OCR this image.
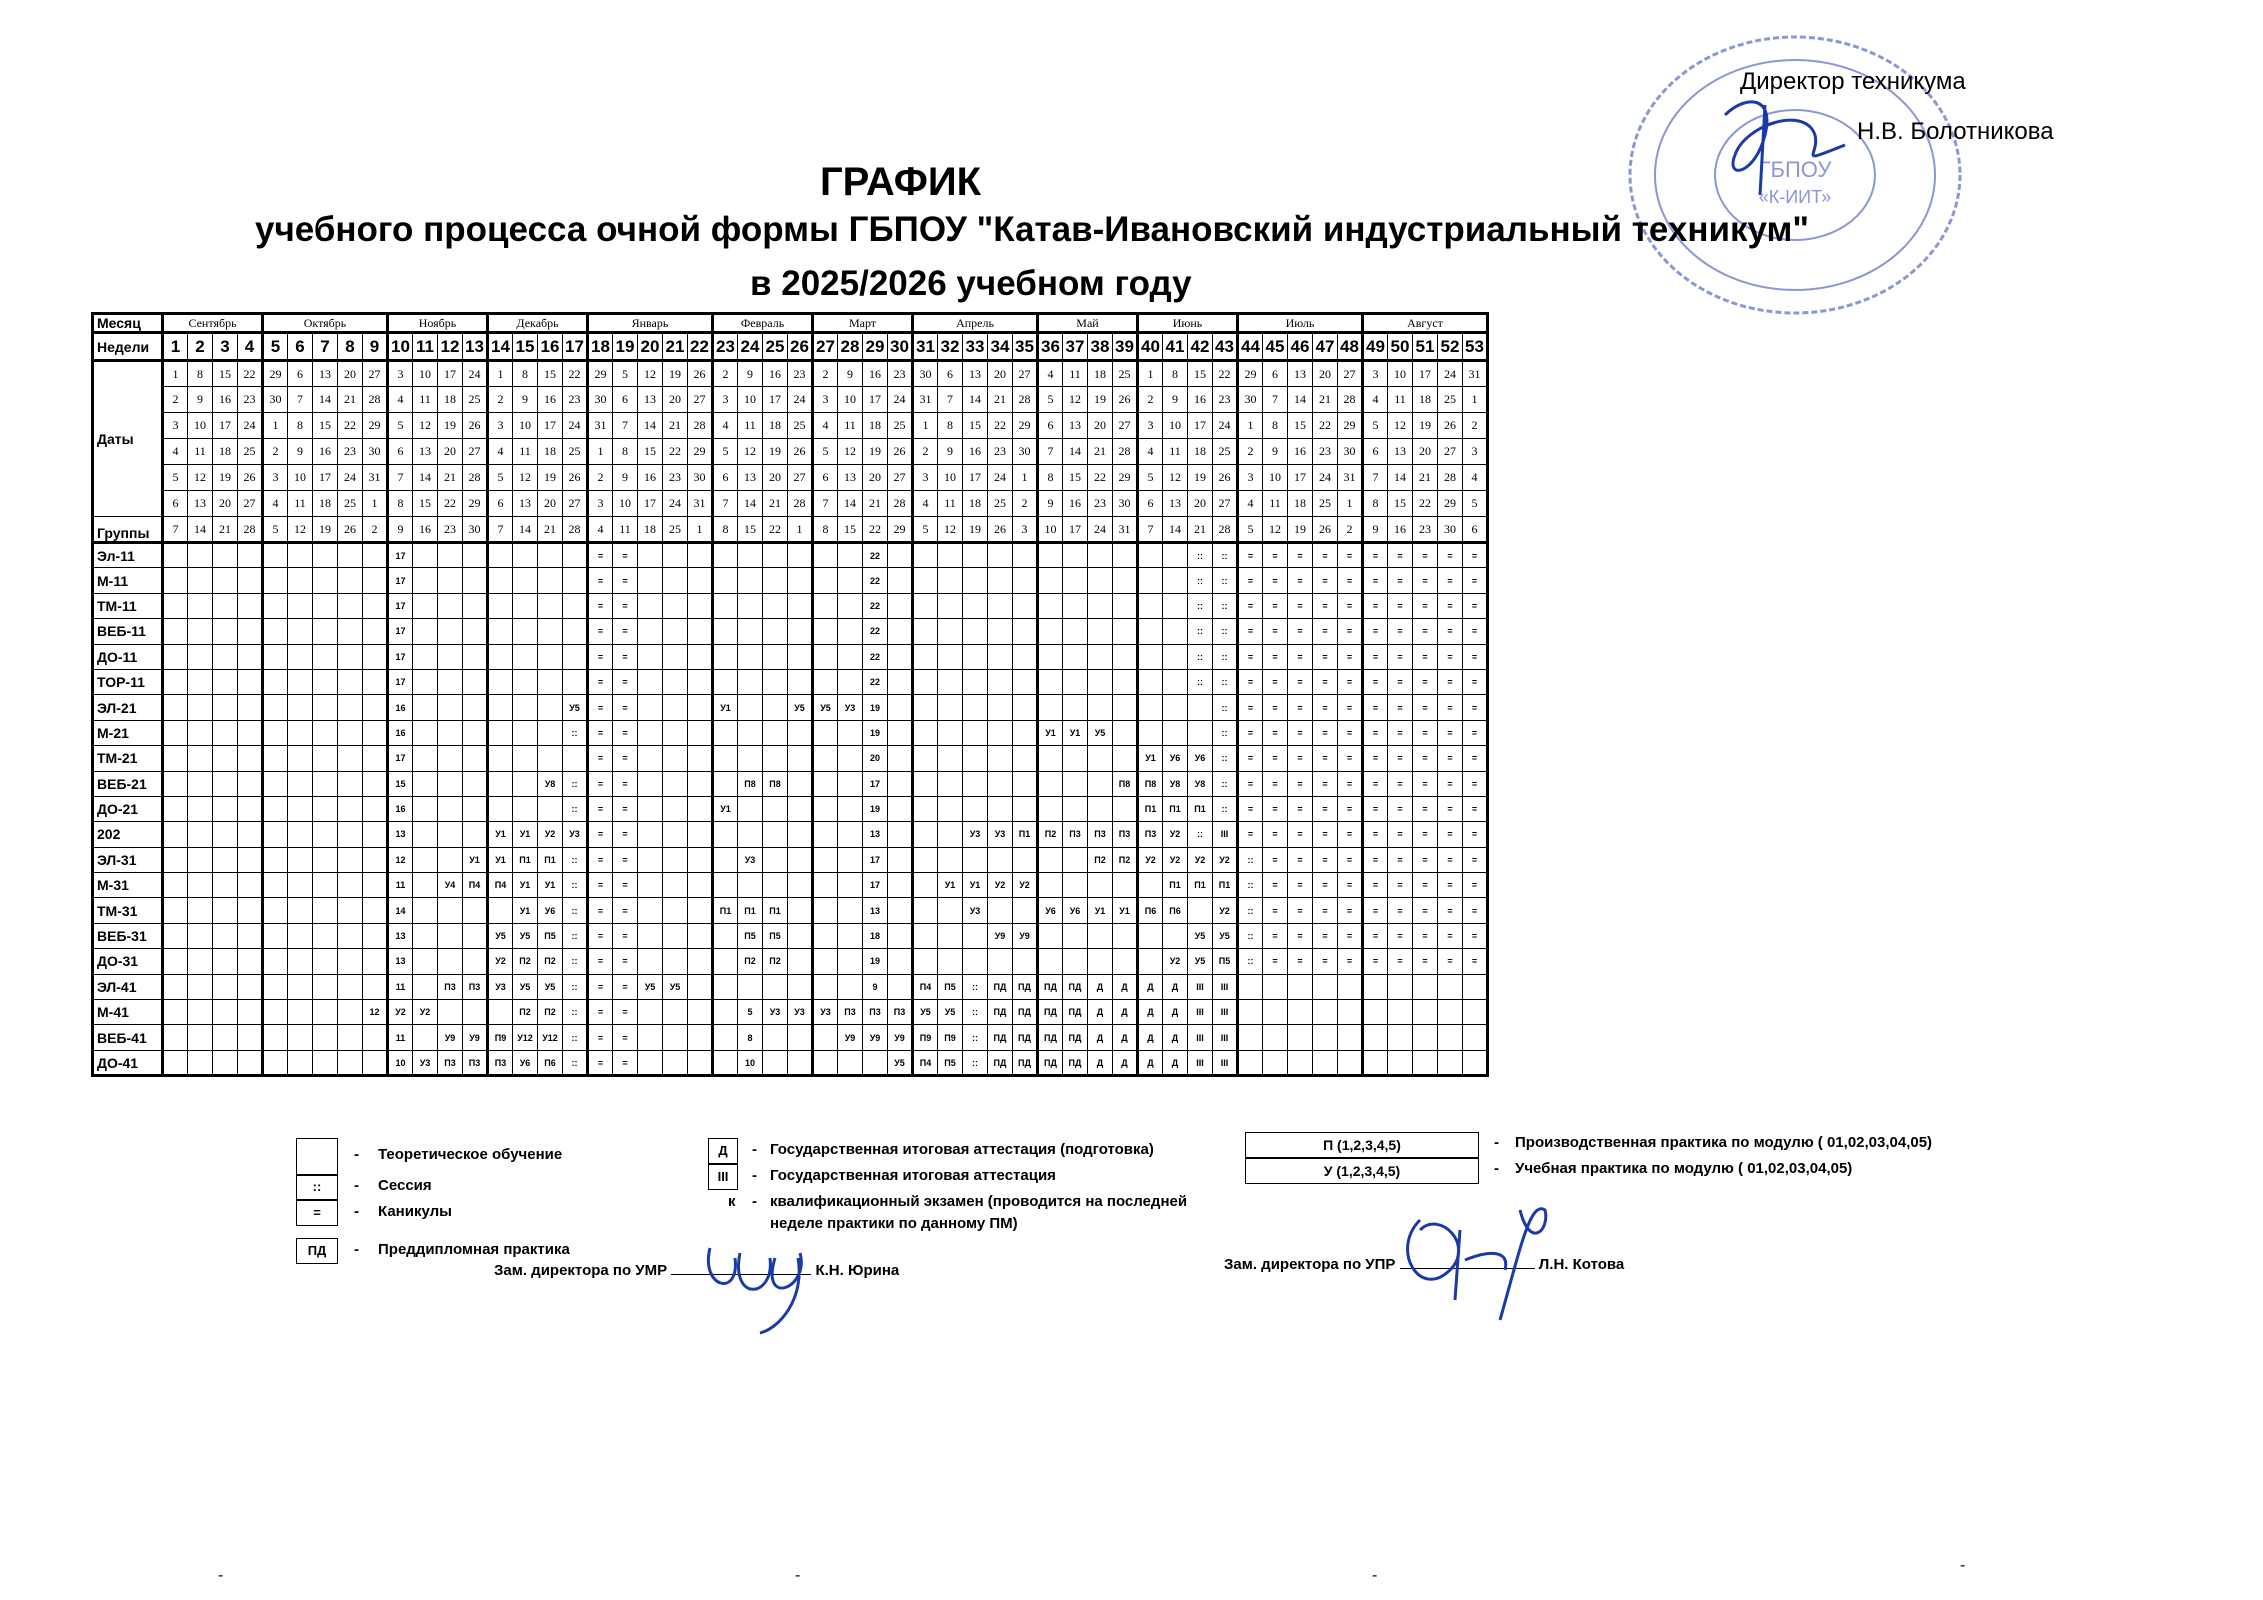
ГБПОУ
«К-ИИТ»
Директор техникума
Н.В. Болотникова
ГРАФИК
учебного процесса очной формы ГБПОУ "Катав-Ивановский индустриальный техникум"
в 2025/2026 учебном году
Месяц	Сентябрь				Октябрь					Ноябрь				Декабрь				Январь					Февраль				Март				Апрель					Май				Июнь				Июль					Август				
Недели	1	2	3	4	5	6	7	8	9	10	11	12	13	14	15	16	17	18	19	20	21	22	23	24	25	26	27	28	29	30	31	32	33	34	35	36	37	38	39	40	41	42	43	44	45	46	47	48	49	50	51	52	53
Даты	1	8	15	22	29	6	13	20	27	3	10	17	24	1	8	15	22	29	5	12	19	26	2	9	16	23	2	9	16	23	30	6	13	20	27	4	11	18	25	1	8	15	22	29	6	13	20	27	3	10	17	24	31
	2	9	16	23	30	7	14	21	28	4	11	18	25	2	9	16	23	30	6	13	20	27	3	10	17	24	3	10	17	24	31	7	14	21	28	5	12	19	26	2	9	16	23	30	7	14	21	28	4	11	18	25	1
	3	10	17	24	1	8	15	22	29	5	12	19	26	3	10	17	24	31	7	14	21	28	4	11	18	25	4	11	18	25	1	8	15	22	29	6	13	20	27	3	10	17	24	1	8	15	22	29	5	12	19	26	2
	4	11	18	25	2	9	16	23	30	6	13	20	27	4	11	18	25	1	8	15	22	29	5	12	19	26	5	12	19	26	2	9	16	23	30	7	14	21	28	4	11	18	25	2	9	16	23	30	6	13	20	27	3
	5	12	19	26	3	10	17	24	31	7	14	21	28	5	12	19	26	2	9	16	23	30	6	13	20	27	6	13	20	27	3	10	17	24	1	8	15	22	29	5	12	19	26	3	10	17	24	31	7	14	21	28	4
	6	13	20	27	4	11	18	25	1	8	15	22	29	6	13	20	27	3	10	17	24	31	7	14	21	28	7	14	21	28	4	11	18	25	2	9	16	23	30	6	13	20	27	4	11	18	25	1	8	15	22	29	5
Группы	7	14	21	28	5	12	19	26	2	9	16	23	30	7	14	21	28	4	11	18	25	1	8	15	22	1	8	15	22	29	5	12	19	26	3	10	17	24	31	7	14	21	28	5	12	19	26	2	9	16	23	30	6
Эл-11										17								=	=										22													::	::	=	=	=	=	=	=	=	=	=	=
М-11										17								=	=										22													::	::	=	=	=	=	=	=	=	=	=	=
ТМ-11										17								=	=										22													::	::	=	=	=	=	=	=	=	=	=	=
ВЕБ-11										17								=	=										22													::	::	=	=	=	=	=	=	=	=	=	=
ДО-11										17								=	=										22													::	::	=	=	=	=	=	=	=	=	=	=
ТОР-11										17								=	=										22													::	::	=	=	=	=	=	=	=	=	=	=
ЭЛ-21										16							У5	=	=				У1			У5	У5	У3	19														::	=	=	=	=	=	=	=	=	=	=
М-21										16							::	=	=										19							У1	У1	У5					::	=	=	=	=	=	=	=	=	=	=
ТМ-21										17								=	=										20											У1	У6	У6	::	=	=	=	=	=	=	=	=	=	=
ВЕБ-21										15						У8	::	=	=					П8	П8				17										П8	П8	У8	У8	::	=	=	=	=	=	=	=	=	=	=
ДО-21										16							::	=	=				У1						19											П1	П1	П1	::	=	=	=	=	=	=	=	=	=	=
202										13				У1	У1	У2	У3	=	=										13				У3	У3	П1	П2	П3	П3	П3	П3	У2	::	III	=	=	=	=	=	=	=	=	=	=
ЭЛ-31										12			У1	У1	П1	П1	::	=	=					У3					17									П2	П2	У2	У2	У2	У2	::	=	=	=	=	=	=	=	=	=
М-31										11		У4	П4	П4	У1	У1	::	=	=										17			У1	У1	У2	У2						П1	П1	П1	::	=	=	=	=	=	=	=	=	=
ТМ-31										14					У1	У6	::	=	=				П1	П1	П1				13				У3			У6	У6	У1	У1	П6	П6		У2	::	=	=	=	=	=	=	=	=	=
ВЕБ-31										13				У5	У5	П5	::	=	=					П5	П5				18					У9	У9							У5	У5	::	=	=	=	=	=	=	=	=	=
ДО-31										13				У2	П2	П2	::	=	=					П2	П2				19												У2	У5	П5	::	=	=	=	=	=	=	=	=	=
ЭЛ-41										11		П3	П3	У3	У5	У5	::	=	=	У5	У5								9		П4	П5	::	ПД	ПД	ПД	ПД	Д	Д	Д	Д	III	III										
М-41									12	У2	У2				П2	П2	::	=	=					5	У3	У3	У3	П3	П3	П3	У5	У5	::	ПД	ПД	ПД	ПД	Д	Д	Д	Д	III	III										
ВЕБ-41										11		У9	У9	П9	У12	У12	::	=	=					8				У9	У9	У9	П9	П9	::	ПД	ПД	ПД	ПД	Д	Д	Д	Д	III	III										
ДО-41										10	У3	П3	П3	П3	У6	П6	::	=	=					10						У5	П4	П5	::	ПД	ПД	ПД	ПД	Д	Д	Д	Д	III	III										
- Теоретическое обучение
::	- Сессия
=	- Каникулы
ПД	- Преддипломная практика
Д	- Государственная итоговая аттестация (подготовка)
III	- Государственная итоговая аттестация
к - квалификационный экзамен (проводится на последней
неделе практики по данному ПМ)
П (1,2,3,4,5)	- Производственная практика по модулю ( 01,02,03,04,05)
У (1,2,3,4,5)	- Учебная практика по модулю ( 01,02,03,04,05)
Зам. директора по УМР	К.Н. Юрина	Зам. директора по УПР	Л.Н. Котова
-	-	-
-
